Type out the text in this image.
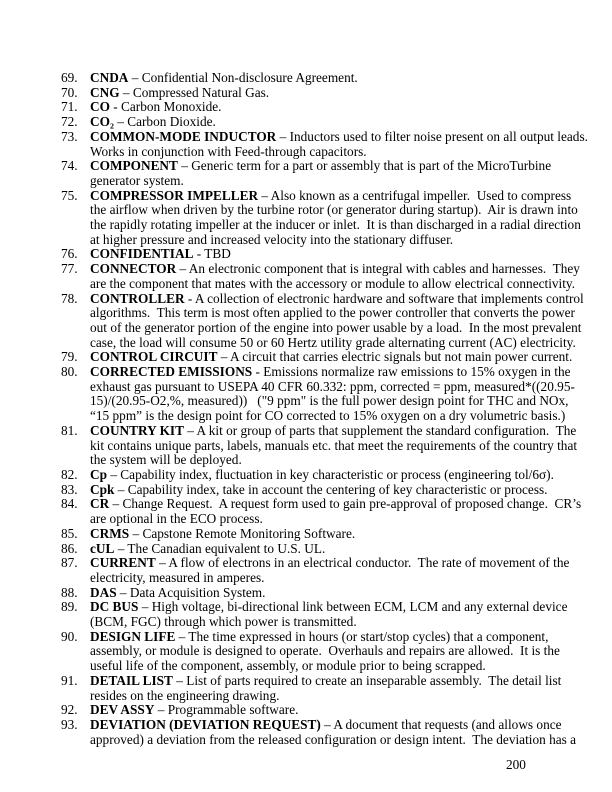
69. CNDA – Confidential Non-disclosure Agreement.
70. CNG – Compressed Natural Gas.
71. CO - Carbon Monoxide.
72. CO₂ – Carbon Dioxide.
73. COMMON-MODE INDUCTOR – Inductors used to filter noise present on all output leads.
Works in conjunction with Feed-through capacitors.
74. COMPONENT – Generic term for a part or assembly that is part of the MicroTurbine
generator system.
75. COMPRESSOR IMPELLER – Also known as a centrifugal impeller.  Used to compress
the airflow when driven by the turbine rotor (or generator during startup).  Air is drawn into
the rapidly rotating impeller at the inducer or inlet.  It is than discharged in a radial direction
at higher pressure and increased velocity into the stationary diffuser.
76. CONFIDENTIAL - TBD
77. CONNECTOR – An electronic component that is integral with cables and harnesses.  They
are the component that mates with the accessory or module to allow electrical connectivity.
78. CONTROLLER - A collection of electronic hardware and software that implements control
algorithms.  This term is most often applied to the power controller that converts the power
out of the generator portion of the engine into power usable by a load.  In the most prevalent
case, the load will consume 50 or 60 Hertz utility grade alternating current (AC) electricity.
79. CONTROL CIRCUIT – A circuit that carries electric signals but not main power current.
80. CORRECTED EMISSIONS - Emissions normalize raw emissions to 15% oxygen in the
exhaust gas pursuant to USEPA 40 CFR 60.332: ppm, corrected = ppm, measured*((20.95-
15)/(20.95-O2,%, measured))   ("9 ppm" is the full power design point for THC and NOx,
“15 ppm” is the design point for CO corrected to 15% oxygen on a dry volumetric basis.)
81. COUNTRY KIT – A kit or group of parts that supplement the standard configuration.  The
kit contains unique parts, labels, manuals etc. that meet the requirements of the country that
the system will be deployed.
82. Cp – Capability index, fluctuation in key characteristic or process (engineering tol/6σ).
83. Cpk – Capability index, take in account the centering of key characteristic or process.
84. CR – Change Request.  A request form used to gain pre-approval of proposed change.  CR’s
are optional in the ECO process.
85. CRMS – Capstone Remote Monitoring Software.
86. cUL – The Canadian equivalent to U.S. UL.
87. CURRENT – A flow of electrons in an electrical conductor.  The rate of movement of the
electricity, measured in amperes.
88. DAS – Data Acquisition System.
89. DC BUS – High voltage, bi-directional link between ECM, LCM and any external device
(BCM, FGC) through which power is transmitted.
90. DESIGN LIFE – The time expressed in hours (or start/stop cycles) that a component,
assembly, or module is designed to operate.  Overhauls and repairs are allowed.  It is the
useful life of the component, assembly, or module prior to being scrapped.
91. DETAIL LIST – List of parts required to create an inseparable assembly.  The detail list
resides on the engineering drawing.
92. DEV ASSY – Programmable software.
93. DEVIATION (DEVIATION REQUEST) – A document that requests (and allows once
approved) a deviation from the released configuration or design intent.  The deviation has a
200
